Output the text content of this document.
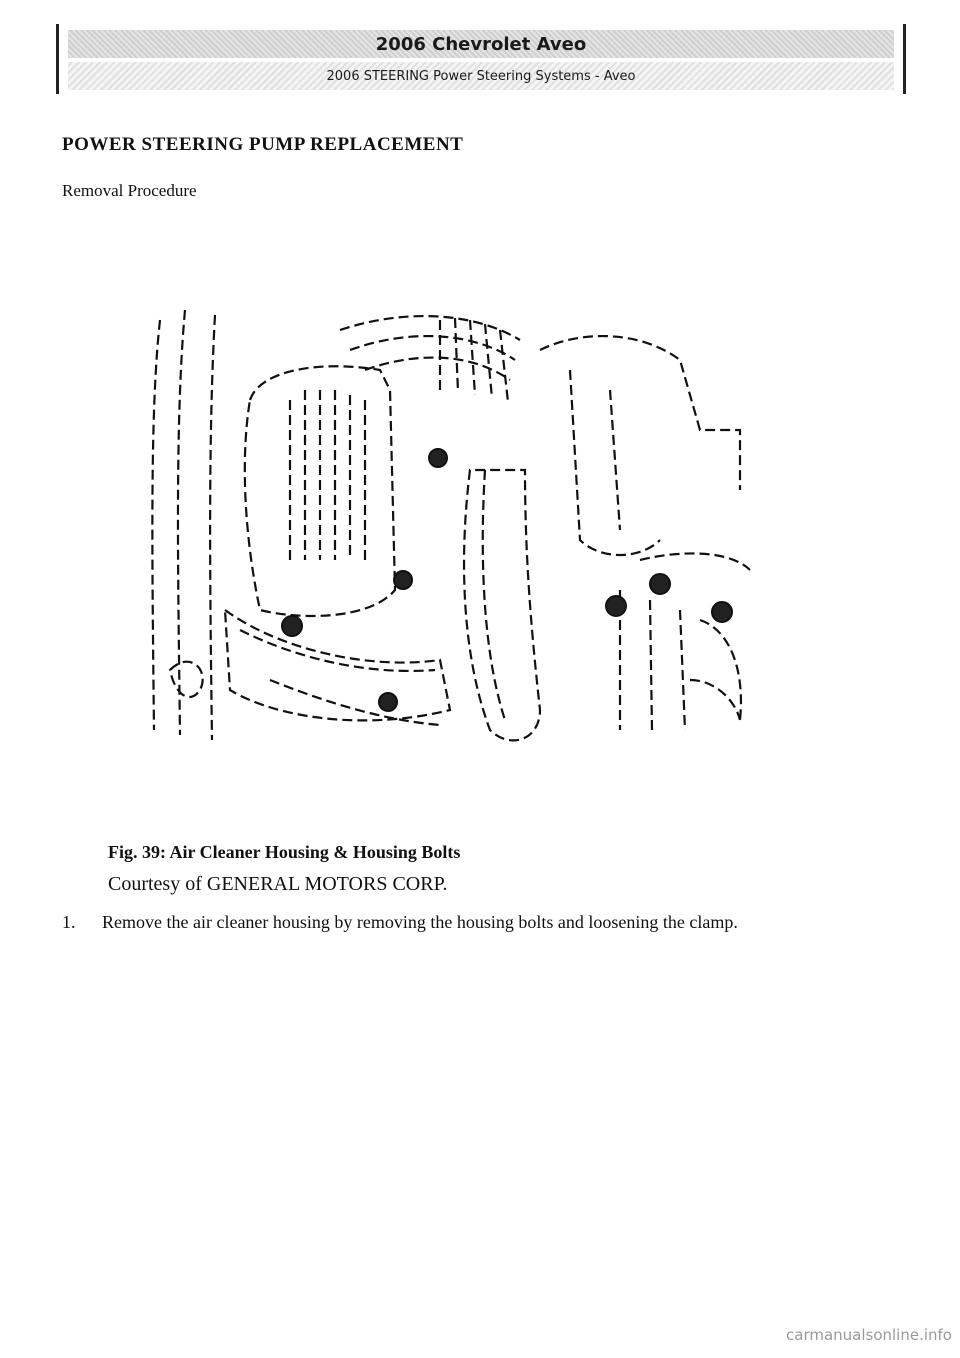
2006 Chevrolet Aveo
2006 STEERING Power Steering Systems - Aveo
POWER STEERING PUMP REPLACEMENT
Removal Procedure
Fig. 39: Air Cleaner Housing & Housing Bolts
Courtesy of GENERAL MOTORS CORP.
1.	Remove the air cleaner housing by removing the housing bolts and loosening the clamp.
carmanualsonline.info
